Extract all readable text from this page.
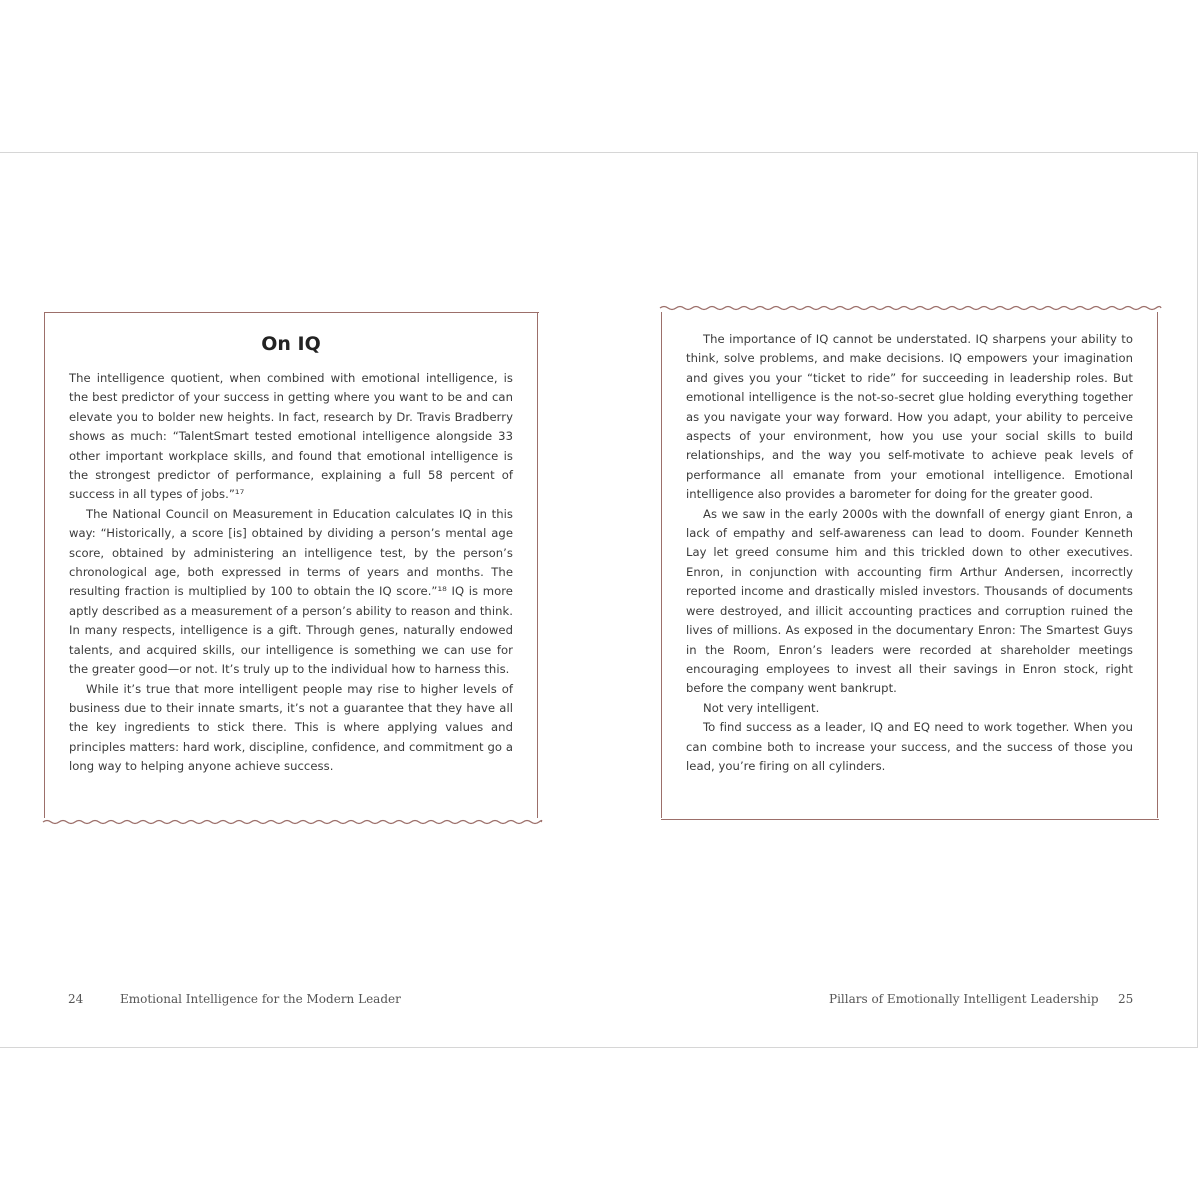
On IQ

The intelligence quotient, when combined with emotional intelligence, is the best predictor of your success in getting where you want to be and can elevate you to bolder new heights. In fact, research by Dr. Travis Bradberry shows as much: “TalentSmart tested emotional intelligence alongside 33 other important workplace skills, and found that emotional intelligence is the strongest predictor of performance, explaining a full 58 percent of success in all types of jobs.”¹⁷

The National Council on Measurement in Education calculates IQ in this way: “Historically, a score [is] obtained by dividing a person’s mental age score, obtained by administering an intelligence test, by the person’s chronological age, both expressed in terms of years and months. The resulting fraction is multiplied by 100 to obtain the IQ score.”¹⁸ IQ is more aptly described as a measurement of a person’s ability to reason and think. In many respects, intelligence is a gift. Through genes, naturally endowed talents, and acquired skills, our intelligence is something we can use for the greater good—or not. It’s truly up to the individual how to harness this.

While it’s true that more intelligent people may rise to higher levels of business due to their innate smarts, it’s not a guarantee that they have all the key ingredients to stick there. This is where applying values and principles matters: hard work, discipline, confidence, and commitment go a long way to helping anyone achieve success.

The importance of IQ cannot be understated. IQ sharpens your ability to think, solve problems, and make decisions. IQ empowers your imagination and gives you your “ticket to ride” for succeeding in leadership roles. But emotional intelligence is the not-so-secret glue holding everything together as you navigate your way forward. How you adapt, your ability to perceive aspects of your environment, how you use your social skills to build relationships, and the way you self-motivate to achieve peak levels of performance all emanate from your emotional intelligence. Emotional intelligence also provides a barometer for doing for the greater good.

As we saw in the early 2000s with the downfall of energy giant Enron, a lack of empathy and self-awareness can lead to doom. Founder Kenneth Lay let greed consume him and this trickled down to other executives. Enron, in conjunction with accounting firm Arthur Andersen, incorrectly reported income and drastically misled investors. Thousands of documents were destroyed, and illicit accounting practices and corruption ruined the lives of millions. As exposed in the documentary Enron: The Smartest Guys in the Room, Enron’s leaders were recorded at shareholder meetings encouraging employees to invest all their savings in Enron stock, right before the company went bankrupt.

Not very intelligent.

To find success as a leader, IQ and EQ need to work together. When you can combine both to increase your success, and the success of those you lead, you’re firing on all cylinders.

24	Emotional Intelligence for the Modern Leader	Pillars of Emotionally Intelligent Leadership 25
